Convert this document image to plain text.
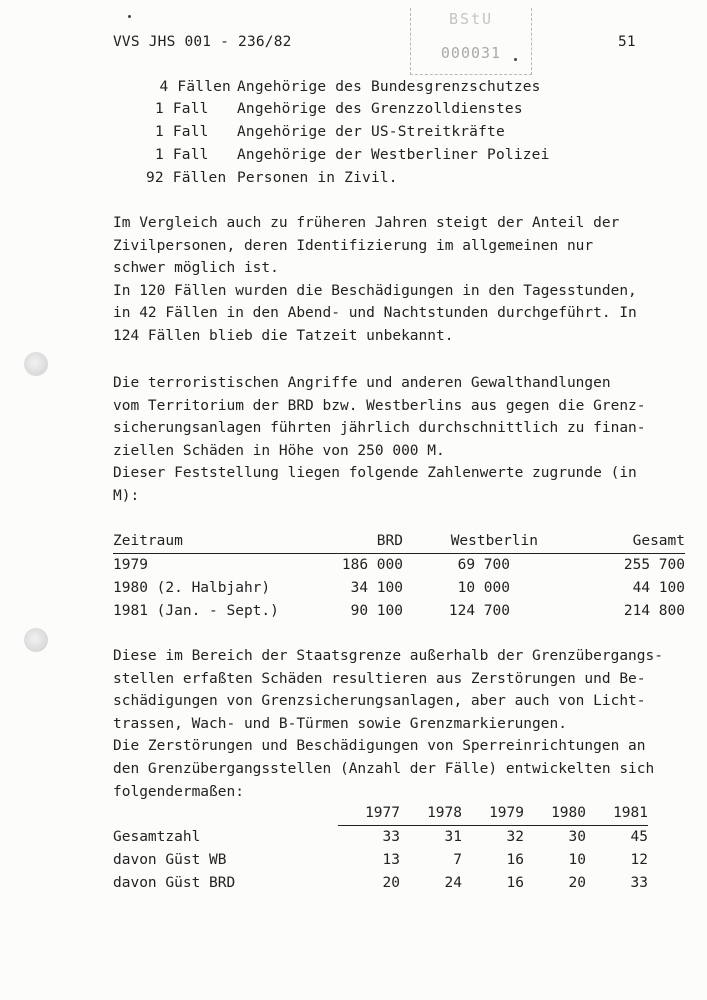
VVS JHS 001 - 236/82	51
BStU
000031
4 Fällen Angehörige des Bundesgrenzschutzes
1 Fall Angehörige des Grenzzolldienstes
1 Fall Angehörige der US-Streitkräfte
1 Fall Angehörige der Westberliner Polizei
92 Fällen Personen in Zivil.
Im Vergleich auch zu früheren Jahren steigt der Anteil der
Zivilpersonen, deren Identifizierung im allgemeinen nur
schwer möglich ist.
In 120 Fällen wurden die Beschädigungen in den Tagesstunden,
in 42 Fällen in den Abend- und Nachtstunden durchgeführt. In
124 Fällen blieb die Tatzeit unbekannt.
Die terroristischen Angriffe und anderen Gewalthandlungen
vom Territorium der BRD bzw. Westberlins aus gegen die Grenz-
sicherungsanlagen führten jährlich durchschnittlich zu finan-
ziellen Schäden in Höhe von 250 000 M.
Dieser Feststellung liegen folgende Zahlenwerte zugrunde (in
M):
Zeitraum	BRD	Westberlin	Gesamt
1979	186 000	69 700	255 700
1980 (2. Halbjahr)	34 100	10 000	44 100
1981 (Jan. - Sept.)	90 100	124 700	214 800
Diese im Bereich der Staatsgrenze außerhalb der Grenzübergangs-
stellen erfaßten Schäden resultieren aus Zerstörungen und Be-
schädigungen von Grenzsicherungsanlagen, aber auch von Licht-
trassen, Wach- und B-Türmen sowie Grenzmarkierungen.
Die Zerstörungen und Beschädigungen von Sperreinrichtungen an
den Grenzübergangsstellen (Anzahl der Fälle) entwickelten sich
folgendermaßen:
	1977	1978	1979	1980	1981
Gesamtzahl	33	31	32	30	45
davon Güst WB	13	7	16	10	12
davon Güst BRD	20	24	16	20	33
